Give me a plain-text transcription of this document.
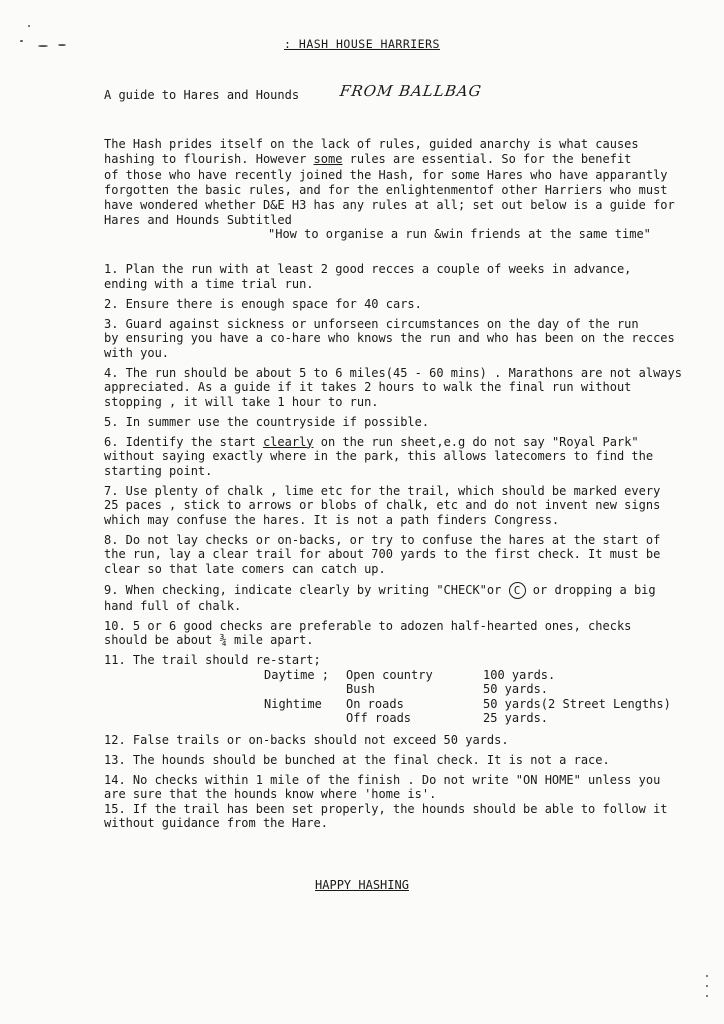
: HASH HOUSE HARRIERS
A guide to Hares and Hounds	FROM BALLBAG

The Hash prides itself on the lack of rules, guided anarchy is what causes
hashing to flourish. However some rules are essential. So for the benefit
of those who have recently joined the Hash, for some Hares who have apparantly
forgotten the basic rules, and for the enlightenmentof other Harriers who must
have wondered whether D&E H3 has any rules at all; set out below is a guide for
Hares and Hounds Subtitled

"How to organise a run &win friends at the same time"

1. Plan the run with at least 2 good recces a couple of weeks in advance,
ending with a time trial run.

2. Ensure there is enough space for 40 cars.

3. Guard against sickness or unforseen circumstances on the day of the run
by ensuring you have a co-hare who knows the run and who has been on the recces
with you.

4. The run should be about 5 to 6 miles(45 - 60 mins) . Marathons are not always
appreciated. As a guide if it takes 2 hours to walk the final run without
stopping , it will take 1 hour to run.

5. In summer use the countryside if possible.

6. Identify the start clearly on the run sheet,e.g do not say "Royal Park"
without saying exactly where in the park, this allows latecomers to find the
starting point.

7. Use plenty of chalk , lime etc for the trail, which should be marked every
25 paces , stick to arrows or blobs of chalk, etc and do not invent new signs
which may confuse the hares. It is not a path finders Congress.

8. Do not lay checks or on-backs, or try to confuse the hares at the start of
the run, lay a clear trail for about 700 yards to the first check. It must be
clear so that late comers can catch up.

9. When checking, indicate clearly by writing "CHECK"or C or dropping a big
hand full of chalk.

10. 5 or 6 good checks are preferable to adozen half-hearted ones, checks
should be about ¾ mile apart.

11. The trail should re-start;

Daytime ;	Open country	100 yards.
	Bush	50 yards.
Nightime	On roads	50 yards(2 Street Lengths)
	Off roads	25 yards.

12. False trails or on-backs should not exceed 50 yards.

13. The hounds should be bunched at the final check. It is not a race.

14. No checks within 1 mile of the finish . Do not write "ON HOME" unless you
are sure that the hounds know where 'home is'.

15. If the trail has been set properly, the hounds should be able to follow it
without guidance from the Hare.

HAPPY HASHING
